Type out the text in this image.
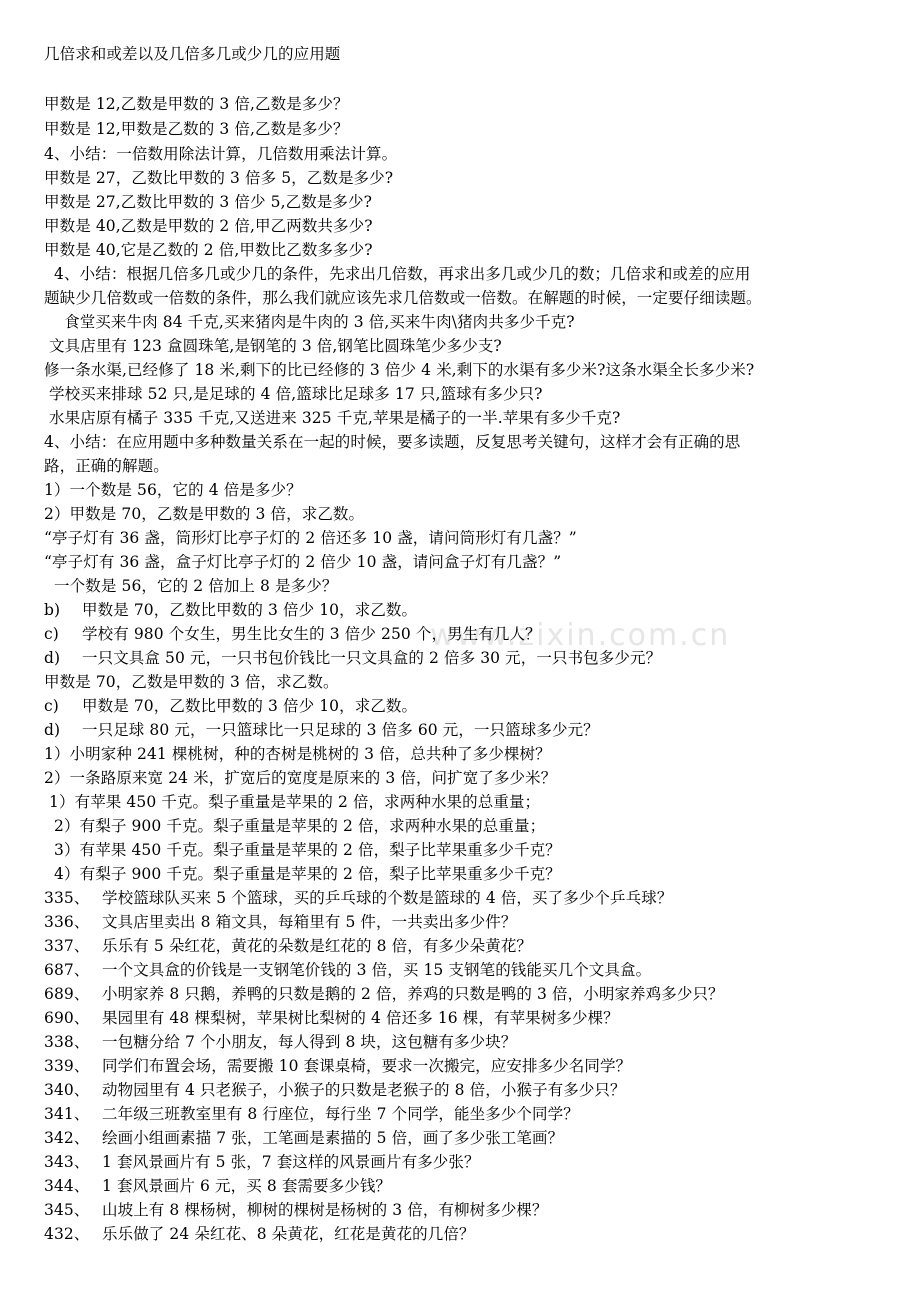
www.zixin.com.cn
几倍求和或差以及几倍多几或少几的应用题
甲数是 12,乙数是甲数的 3 倍,乙数是多少？
甲数是 12,甲数是乙数的 3 倍,乙数是多少？
4、小结：一倍数用除法计算，几倍数用乘法计算。
甲数是 27，乙数比甲数的 3 倍多 5，乙数是多少?
甲数是 27,乙数比甲数的 3 倍少 5,乙数是多少?
甲数是 40,乙数是甲数的 2 倍,甲乙两数共多少?
甲数是 40,它是乙数的 2 倍,甲数比乙数多多少?
4、小结：根据几倍多几或少几的条件，先求出几倍数，再求出多几或少几的数；几倍求和或差的应用
题缺少几倍数或一倍数的条件，那么我们就应该先求几倍数或一倍数。在解题的时候，一定要仔细读题。
食堂买来牛肉 84 千克,买来猪肉是牛肉的 3 倍,买来牛肉\猪肉共多少千克?
文具店里有 123 盒圆珠笔,是钢笔的 3 倍,钢笔比圆珠笔少多少支?
修一条水渠,已经修了 18 米,剩下的比已经修的 3 倍少 4 米,剩下的水渠有多少米?这条水渠全长多少米?
学校买来排球 52 只,是足球的 4 倍,篮球比足球多 17 只,篮球有多少只?
水果店原有橘子 335 千克,又送进来 325 千克,苹果是橘子的一半.苹果有多少千克?
4、小结：在应用题中多种数量关系在一起的时候，要多读题，反复思考关键句，这样才会有正确的思
路，正确的解题。
1）一个数是 56，它的 4 倍是多少？
2）甲数是 70，乙数是甲数的 3 倍，求乙数。
“亭子灯有 36 盏，筒形灯比亭子灯的 2 倍还多 10 盏，请问筒形灯有几盏？”
“亭子灯有 36 盏，盒子灯比亭子灯的 2 倍少 10 盏，请问盒子灯有几盏？”
一个数是 56，它的 2 倍加上 8 是多少？
b) 甲数是 70，乙数比甲数的 3 倍少 10，求乙数。
c) 学校有 980 个女生，男生比女生的 3 倍少 250 个，男生有几人？
d) 一只文具盒 50 元，一只书包价钱比一只文具盒的 2 倍多 30 元，一只书包多少元？
甲数是 70，乙数是甲数的 3 倍，求乙数。
c) 甲数是 70，乙数比甲数的 3 倍少 10，求乙数。
d) 一只足球 80 元，一只篮球比一只足球的 3 倍多 60 元，一只篮球多少元？
1）小明家种 241 棵桃树，种的杏树是桃树的 3 倍，总共种了多少棵树？
2）一条路原来宽 24 米，扩宽后的宽度是原来的 3 倍，问扩宽了多少米？
1）有苹果 450 千克。梨子重量是苹果的 2 倍，求两种水果的总重量；
2）有梨子 900 千克。梨子重量是苹果的 2 倍，求两种水果的总重量；
3）有苹果 450 千克。梨子重量是苹果的 2 倍，梨子比苹果重多少千克？
4）有梨子 900 千克。梨子重量是苹果的 2 倍，梨子比苹果重多少千克？
335、 学校篮球队买来 5 个篮球，买的乒乓球的个数是篮球的 4 倍，买了多少个乒乓球？
336、 文具店里卖出 8 箱文具，每箱里有 5 件，一共卖出多少件？
337、 乐乐有 5 朵红花，黄花的朵数是红花的 8 倍，有多少朵黄花？
687、 一个文具盒的价钱是一支钢笔价钱的 3 倍，买 15 支钢笔的钱能买几个文具盒。
689、 小明家养 8 只鹅，养鸭的只数是鹅的 2 倍，养鸡的只数是鸭的 3 倍，小明家养鸡多少只？
690、 果园里有 48 棵梨树，苹果树比梨树的 4 倍还多 16 棵，有苹果树多少棵？
338、 一包糖分给 7 个小朋友，每人得到 8 块，这包糖有多少块？
339、 同学们布置会场，需要搬 10 套课桌椅，要求一次搬完，应安排多少名同学？
340、 动物园里有 4 只老猴子，小猴子的只数是老猴子的 8 倍，小猴子有多少只？
341、 二年级三班教室里有 8 行座位，每行坐 7 个同学，能坐多少个同学？
342、 绘画小组画素描 7 张，工笔画是素描的 5 倍，画了多少张工笔画？
343、 1 套风景画片有 5 张，7 套这样的风景画片有多少张？
344、 1 套风景画片 6 元，买 8 套需要多少钱？
345、 山坡上有 8 棵杨树，柳树的棵树是杨树的 3 倍，有柳树多少棵？
432、 乐乐做了 24 朵红花、8 朵黄花，红花是黄花的几倍？
